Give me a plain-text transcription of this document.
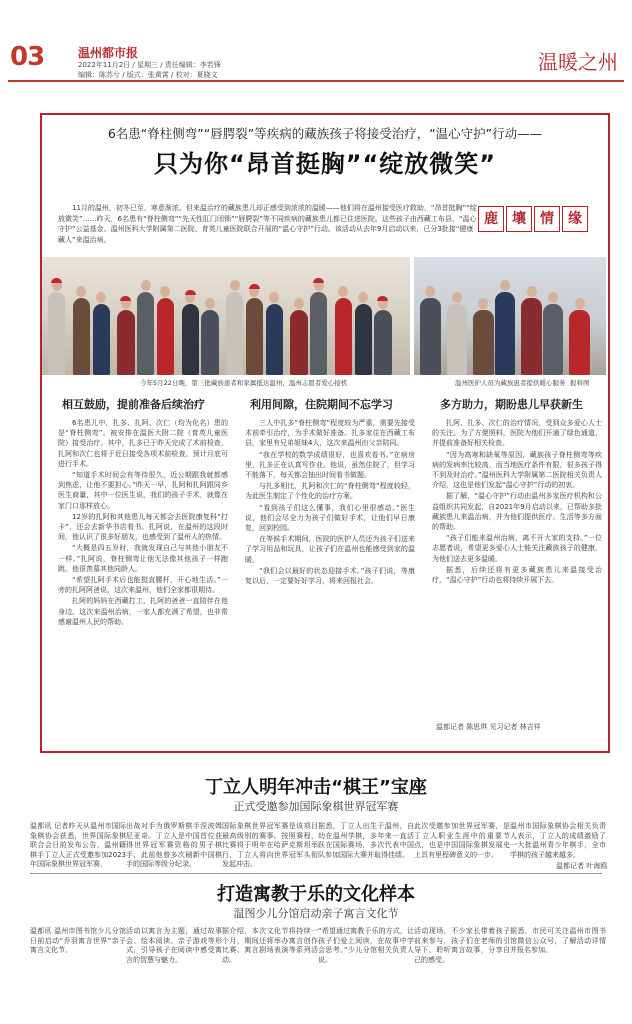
03	温州都市报
2022年11月2日 / 星期三 / 责任编辑：李若锋
编辑：陈苏兮 / 版式：张黄霄 / 校对：夏晓文
温暖之州
6名患“脊柱侧弯”“唇腭裂”等疾病的藏族孩子将接受治疗，“温心守护”行动——
只为你“昂首挺胸”“绽放微笑”
11月的温州，初冬已至，寒意渐浓。但来温治疗的藏族患儿却正感受到浓浓的温暖——他们将在温州接受医疗救助，“昂首挺胸”“绽放微笑”……昨天，6名患有“脊柱侧弯”“先天性肛门闭锁”“唇腭裂”等不同疾病的藏族患儿都已住进医院。这些孩子由西藏工布县、“温心守护”公益基金、温州医科大学附属第二医院、育英儿童医院联合开展的“温心守护”行动。该活动从去年9月启动以来，已分3批接“健康藏人”来温治病。
鹿	壤	情	缘
今年5月22日晚，第三批藏族患者和家属抵达温州，温州志愿者爱心接机	温州医护人员为藏族患者提供暖心服务 报料图
相互鼓励，提前准备后续治疗	利用间隙，住院期间不忘学习	多方助力，期盼患儿早获新生

6名患儿中，扎多、扎阿、次仁（均为化名）患的是“脊柱侧弯”。被安排在温医大附二院（育英儿童医院）接受治疗。其中，扎多已于昨天完成了术前检查，扎阿和次仁也将于近日接受各项术前检查，预计月底可进行手术。

“知道手术时间会有等待很久，近公期跟我就都感到焦虑，让他不要担心。”昨天一早，扎阿和扎阿跟同乡医生商量，其中一位医生说，我们的孩子手术，就像在家门口那样放心。

12岁的扎阿和其他患儿每天都会去医院康复科“打卡”，还会去新华书店看书。扎阿说，在温州的这段时间，他认识了很多好朋友，也感受到了温州人的热情。

“大概是四五岁时，我就发现自己与其他小朋友不一样。”扎阿说，脊柱侧弯让他无法像其他孩子一样跑跳，他很羡慕其他同龄人。

“希望扎阿手术后也能挺直腰杆，开心地生活。”一旁的扎阿阿爸说，这次来温州，他们全家都很期待。

扎阿的妈妈在西藏打工，扎阿的爸爸一直陪伴在他身边。这次来温州治病，一家人都充满了希望，也非常感谢温州人民的帮助。

三人中扎多“脊柱侧弯”程度较为严重，需要先接受术前牵引治疗，为手术做好准备。扎多家住在西藏工布县，家里有兄弟姐妹4人，这次来温州由父亲陪同。

“我在学校的数学成绩很好，也喜欢看书。”在病房里，扎多正在认真写作业。他说，虽然住院了，但学习不能落下，每天都会抽出时间看书做题。

与扎多相比，扎阿和次仁的“脊柱侧弯”程度较轻，为此医生制定了个性化的治疗方案。

“看到孩子们这么懂事，我们心里很感动。”医生说，他们会尽全力为孩子们做好手术，让他们早日康复，回到校园。

在等候手术期间，医院的医护人员还为孩子们送来了学习用品和玩具，让孩子们在温州也能感受到家的温暖。

“我们会以最好的状态迎接手术。”孩子们说，等康复以后，一定要好好学习，将来回报社会。

扎阿、扎多、次仁的治疗情况，受到众多爱心人士的关注。为了方便照料，医院为他们开通了绿色通道，并提前准备好相关检查。

“因为高寒和缺氧等原因，藏族孩子脊柱侧弯等疾病的发病率比较高，而当地医疗条件有限，很多孩子得不到及时治疗。”温州医科大学附属第二医院相关负责人介绍，这也是他们发起“温心守护”行动的初衷。

据了解，“温心守护”行动由温州多家医疗机构和公益组织共同发起，自2021年9月启动以来，已帮助多批藏族患儿来温治病，并为他们提供医疗、生活等多方面的帮助。

“孩子们能来温州治病，离不开大家的支持。”一位志愿者说，希望更多爱心人士能关注藏族孩子的健康，为他们送去更多温暖。

据悉，后续还将有更多藏族患儿来温接受治疗，“温心守护”行动也将持续开展下去。

温都记者 陈思琪 见习记者 林吉祥
丁立人明年冲击“棋王”宝座
正式受邀参加国际象棋世界冠军赛
温都讯 记者昨天从温州市国际象棋协会获悉，世界国际象棋联合会日前发布公告，温州籍棋手丁立人正式受邀参加2023年国际象棋世界冠军赛，
出战对手为俄罗斯棋手涅波姆尼亚奇。丁立人是中国首位获得世界冠军赛资格的男子棋手，此前他曾多次刷新中国棋手的国际等级分纪录。
国际象棋世界冠军赛是该项目最高级别的赛事。按照赛程，比赛将于明年在哈萨克斯坦举行，丁立人将向世界冠军头衔发起冲击。
据悉，丁立人出生于温州，自幼在温州学棋，多年来一直活跃在国际赛场，多次代表中国队参加国际大赛并取得佳绩。
此次受邀参加世界冠军赛，是丁立人职业生涯中的重要节点，也是中国国际象棋发展史上具有里程碑意义的一步。
温州市国际象棋协会相关负责人表示，丁立人的成绩激励了一大批温州青少年棋手，全市学棋的孩子越来越多。
温都记者 叶海鸥
打造寓教于乐的文化样本
温图少儿分馆启动亲子寓言文化节
温都讯 温州市图书馆少儿分馆日前启动“乔羽寓言世界”亲子寓言文化节。
活动以寓言为主题，通过故事会、绘本阅读、亲子游戏等形式，引导孩子在阅读中感受寓言的智慧与魅力。
据介绍，本次文化节将持续一个月，期间还将举办寓言创作比赛、寓言剧场表演等系列活动。
“希望通过寓教于乐的方式，让孩子们爱上阅读，在故事中学会思考。”少儿分馆相关负责人说。
活动现场，不少家长带着孩子前来参与，孩子们在老师的引导下，聆听寓言故事，分享自己的感受。
据悉，市民可关注温州市图书馆微信公众号，了解活动详情并报名参加。
